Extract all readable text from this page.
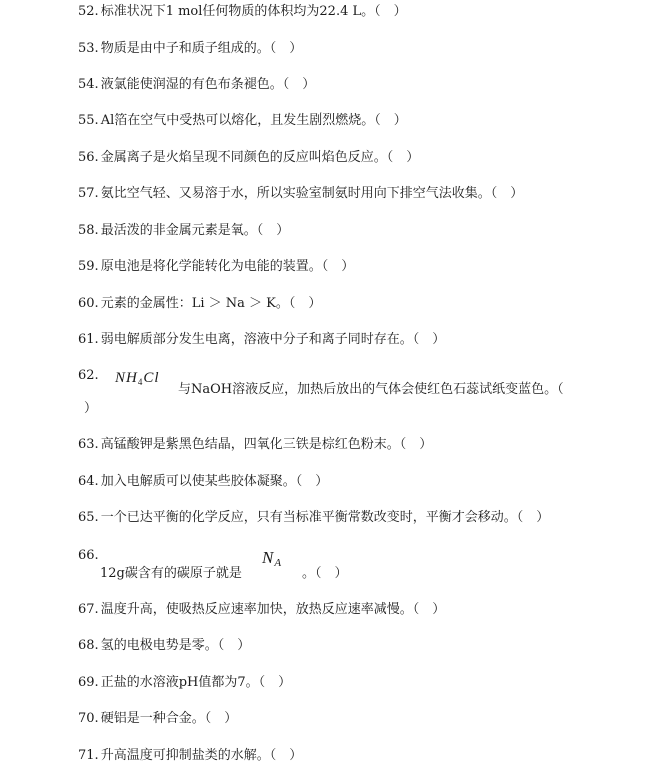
52. 标准状况下1 mol任何物质的体积均为22.4 L。（　）
53. 物质是由中子和质子组成的。（　）
54. 液氯能使润湿的有色布条褪色。（　）
55. Al箔在空气中受热可以熔化，且发生剧烈燃烧。（　）
56. 金属离子是火焰呈现不同颜色的反应叫焰色反应。（　）
57. 氨比空气轻、又易溶于水，所以实验室制氨时用向下排空气法收集。（　）
58. 最活泼的非金属元素是氧。（　）
59. 原电池是将化学能转化为电能的装置。（　）
60. 元素的金属性：Li ＞ Na ＞ K。（　）
61. 弱电解质部分发生电离，溶液中分子和离子同时存在。（　）
62. $NH_4Cl$
与NaOH溶液反应，加热后放出的气体会使红色石蕊试纸变蓝色。（
）
63. 高锰酸钾是紫黑色结晶，四氧化三铁是棕红色粉末。（　）
64. 加入电解质可以使某些胶体凝聚。（　）
65. 一个已达平衡的化学反应，只有当标准平衡常数改变时，平衡才会移动。（　）
66.
12g碳含有的碳原子就是
$N_A$
。（　）
67. 温度升高，使吸热反应速率加快，放热反应速率减慢。（　）
68. 氢的电极电势是零。（　）
69. 正盐的水溶液pH值都为7。（　）
70. 硬铝是一种合金。（　）
71. 升高温度可抑制盐类的水解。（　）
